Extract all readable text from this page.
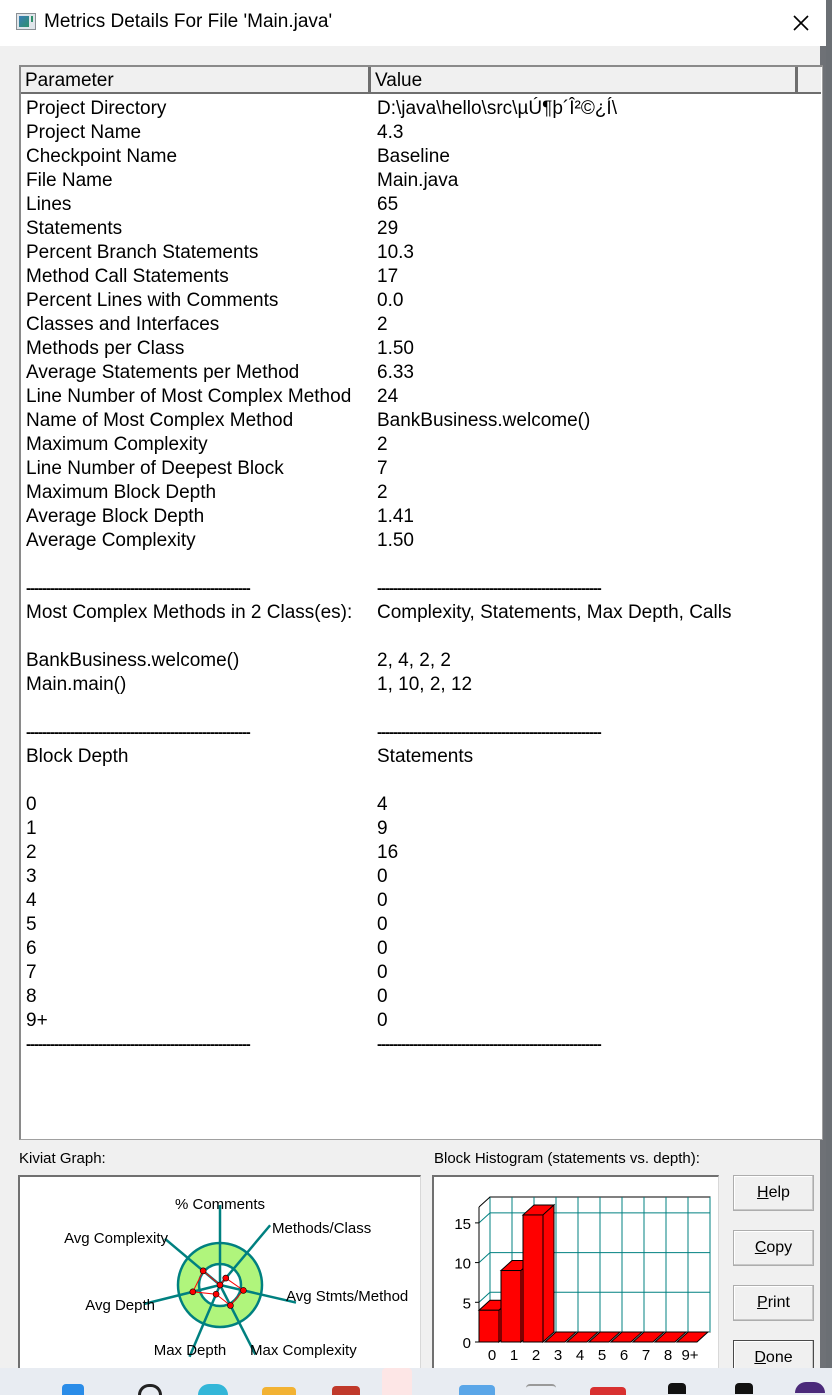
Metrics Details For File 'Main.java'
Parameter	Value
Project Directory	D:\java\hello\src\µÚ¶þ´Î²©¿Í\
Project Name	4.3
Checkpoint Name	Baseline
File Name	Main.java
Lines	65
Statements	29
Percent Branch Statements	10.3
Method Call Statements	17
Percent Lines with Comments	0.0
Classes and Interfaces	2
Methods per Class	1.50
Average Statements per Method	6.33
Line Number of Most Complex Method 24
Name of Most Complex Method	BankBusiness.welcome()
Maximum Complexity	2
Line Number of Deepest Block	7
Maximum Block Depth	2
Average Block Depth	1.41
Average Complexity	1.50
--------------------------------------------------------	--------------------------------------------------------
Most Complex Methods in 2 Class(es): Complexity, Statements, Max Depth, Calls
BankBusiness.welcome()	2, 4, 2, 2
Main.main()	1, 10, 2, 12
--------------------------------------------------------	--------------------------------------------------------
Block Depth	Statements
0	4
1	9
2	16
3	0
4	0
5	0
6	0
7	0
8	0
9+	0
--------------------------------------------------------	--------------------------------------------------------
Kiviat Graph:	Block Histogram (statements vs. depth):
% Comments
Methods/Class
Avg Stmts/Method
Max Complexity
Max Depth
Avg Depth
Avg Complexity
0
5
10
15
0 1 2 3 4 5 6 7 8 9+
Help
Copy
Print
Done
